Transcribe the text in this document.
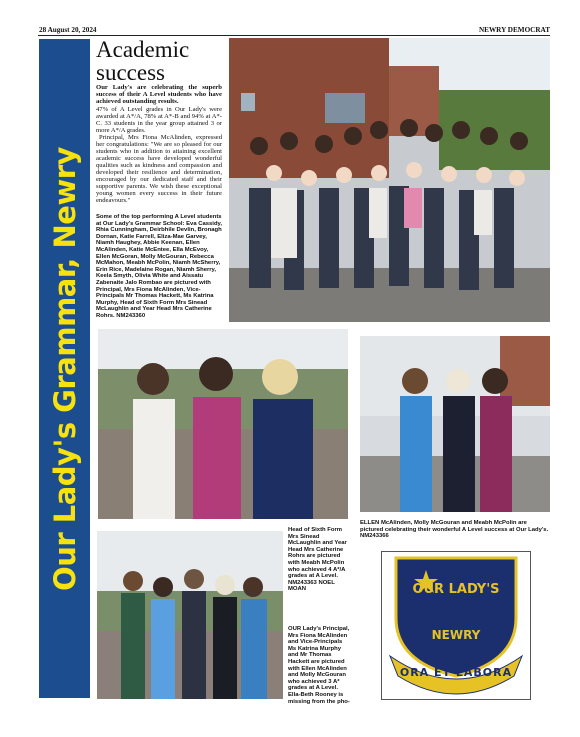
28 August 20, 2024	NEWRY DEMOCRAT
Our Lady's Grammar, Newry
Academic
success
Our Lady's are celebrating the superb success of their A Level students who have achieved outstanding results.
47% of A Level grades in Our Lady's were awarded at A*/A, 78% at A*-B and 94% at A*-C. 33 students in the year group attained 3 or more A*/A grades.
Principal, Mrs Fiona McAlinden, expressed her congratulations: "We are so pleased for our students who in addition to attaining excellent academic success have developed wonderful qualities such as kindness and compassion and developed their resilience and determination, encouraged by our dedicated staff and their supportive parents. We wish these exceptional young women every success in their future endeavours."
Some of the top performing A Level students at Our Lady's Grammar School: Eva Cassidy, Rhia Cunningham, Deirbhile Devlin, Bronagh Dornan, Katie Farrell, Eliza-Mae Garvey, Niamh Haughey, Abbie Keenan, Ellen McAlinden, Katie McEntee, Ella McEvoy, Ellen McGoran, Molly McGouran, Rebecca McMahon, Meabh McPolin, Niamh McSherry, Erin Rice, Madelaine Rogan, Niamh Sherry, Keela Smyth, Olivia White and Aissatu Zabenaite Jalo Rombao are pictured with Principal, Mrs Fiona McAlinden, Vice-Principals Mr Thomas Hackett, Ms Katrina Murphy, Head of Sixth Form Mrs Sinead McLaughlin and Year Head Mrs Catherine Rohrs. NM243360
ELLEN McAlinden, Molly McGouran and Meabh McPolin are pictured celebrating their wonderful A Level success at Our Lady's. NM243366
Head of Sixth Form Mrs Sinead McLaughlin and Year Head Mrs Catherine Rohrs are pictured with Meabh McPolin who achieved 4 A*/A grades at A Level. NM243363 NOEL MOAN
OUR Lady's Principal, Mrs Fiona McAlinden and Vice-Principals Ms Katrina Murphy and Mr Thomas Hackett are pictured with Ellen McAlinden and Molly McGouran who achieved 3 A* grades at A Level. Ella-Beth Rooney is missing from the pho-
OUR LADY'S
NEWRY
ORA ET LABORA
